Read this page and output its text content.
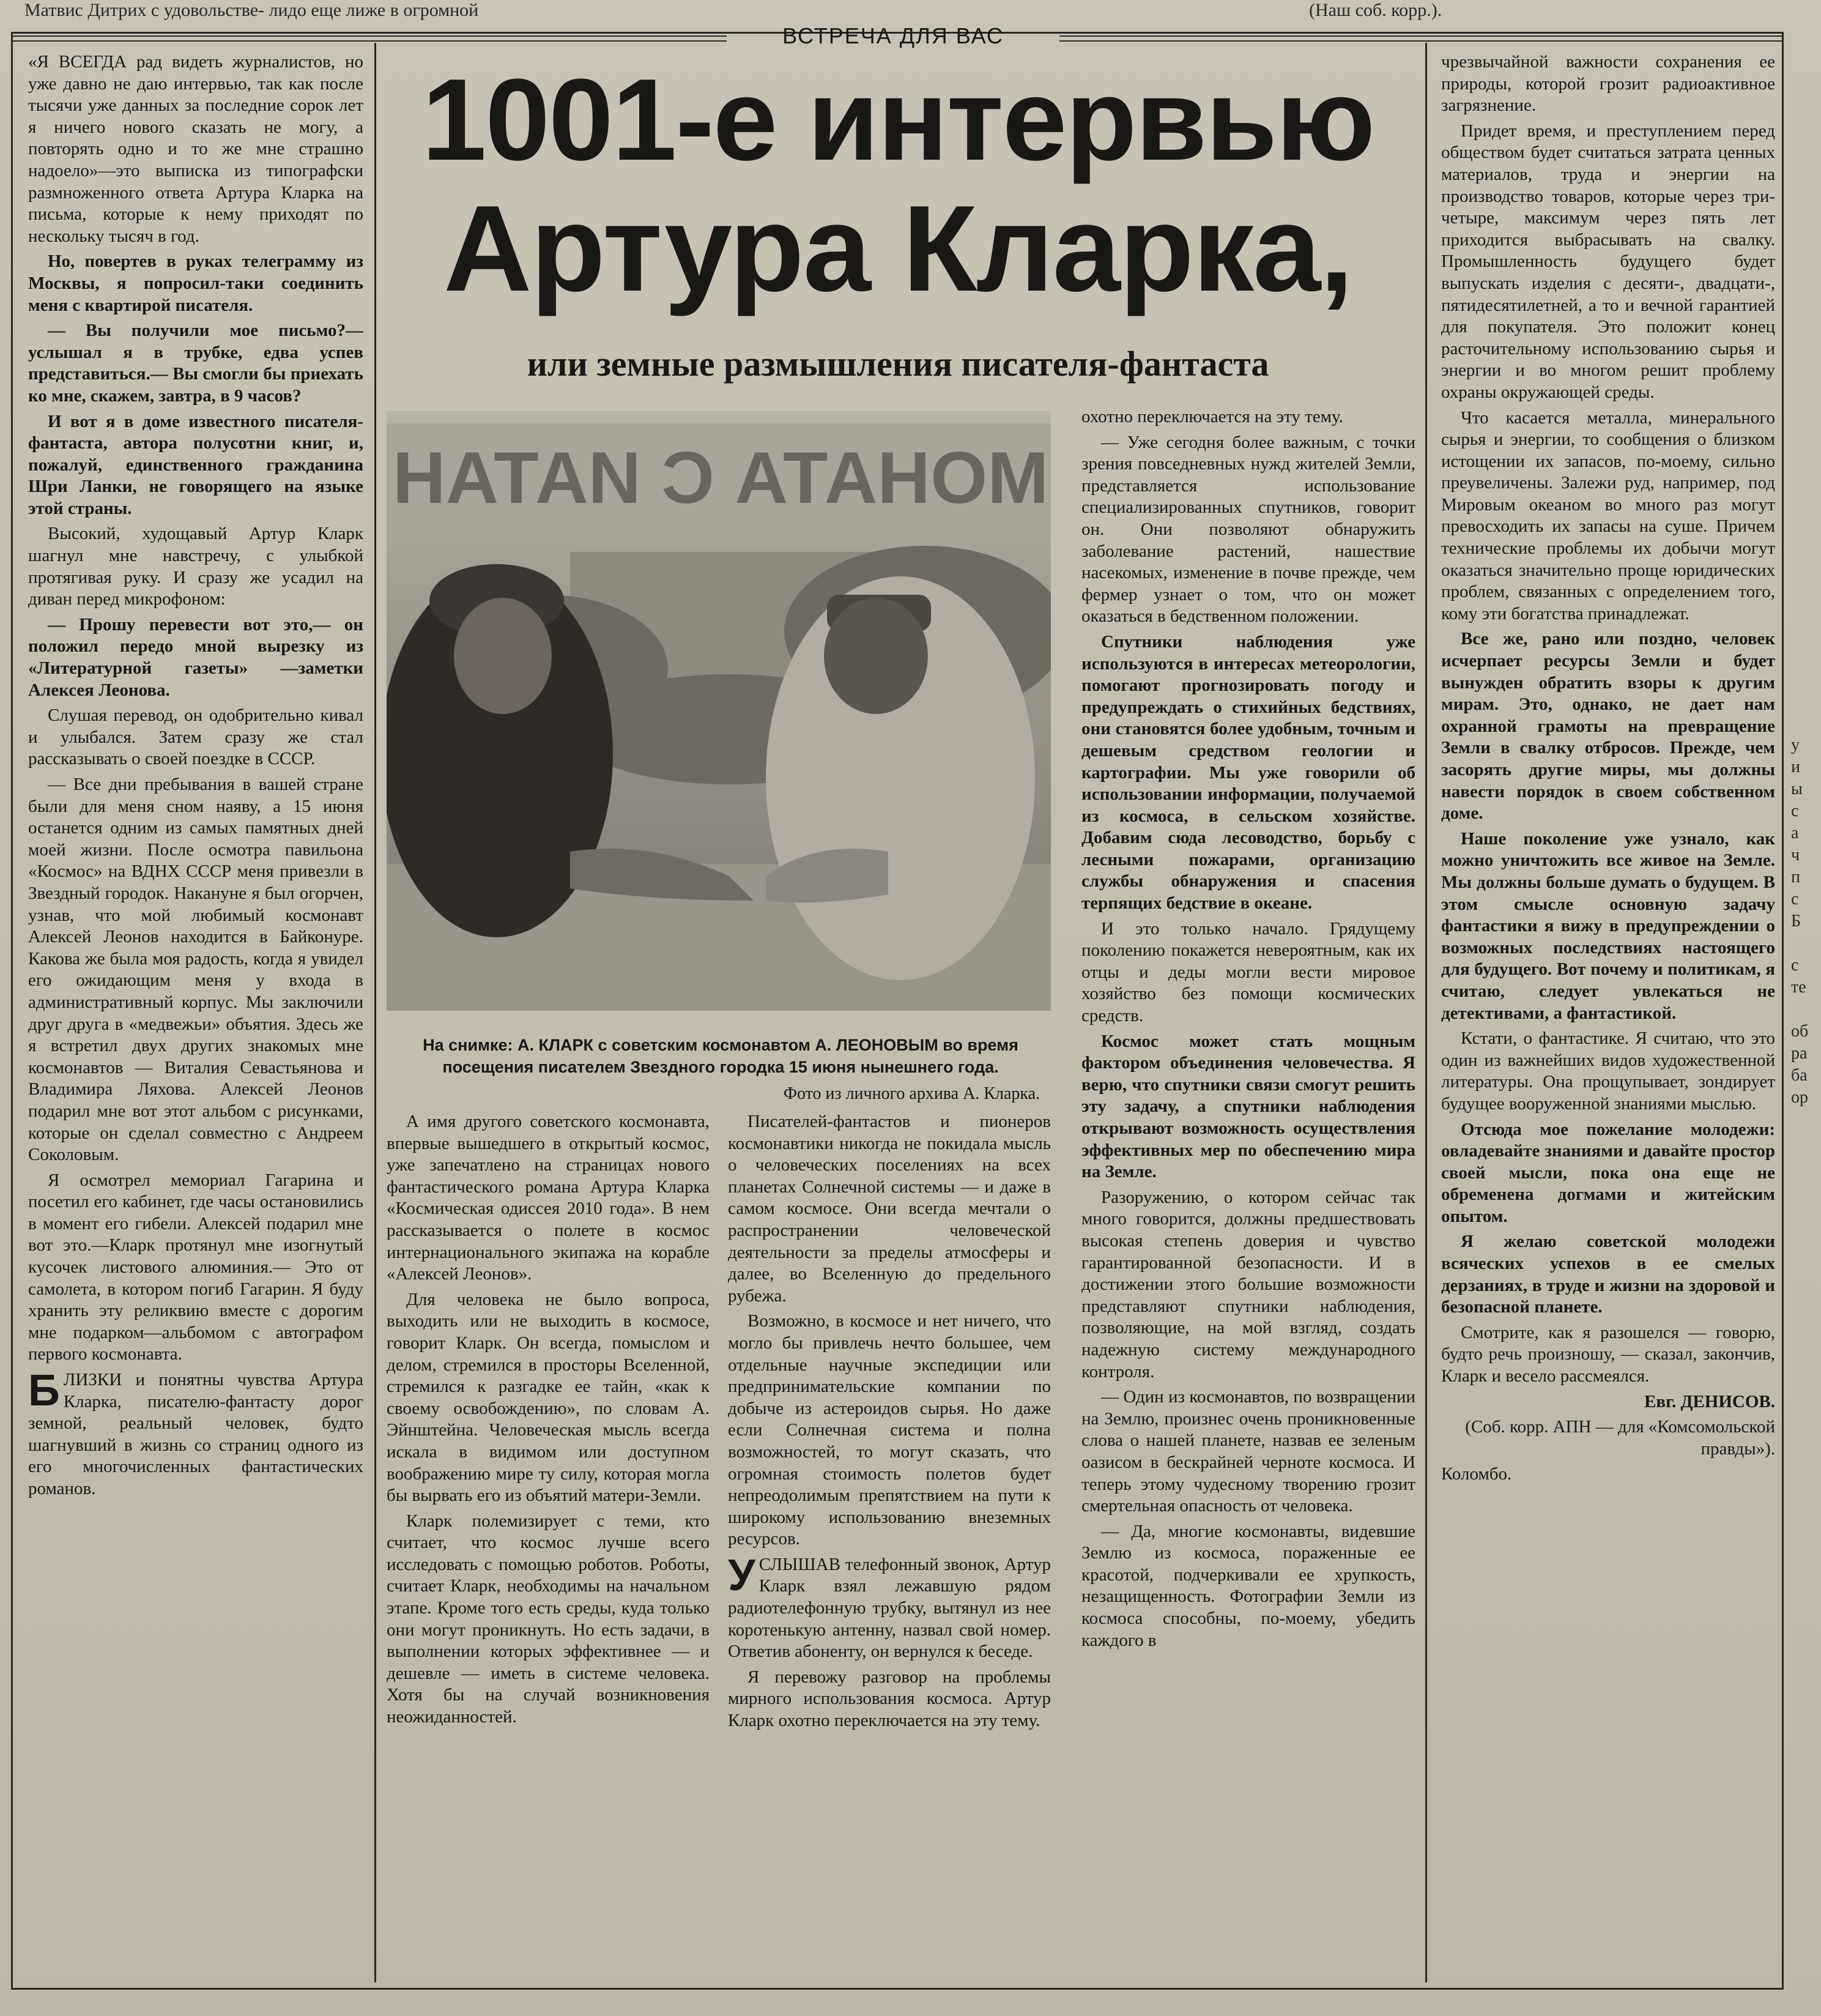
Матвис Дитрих с удовольстве- лидо еще лиже в огромной	(Наш соб. корр.).
ВСТРЕЧА ДЛЯ ВАС

«Я ВСЕГДА рад видеть журналистов, но уже давно не даю интервью, так как после тысячи уже данных за последние сорок лет я ничего нового сказать не могу, а повторять одно и то же мне страшно надоело»—это выписка из типографски размноженного ответа Артура Кларка на письма, которые к нему приходят по нескольку тысяч в год.

Но, повертев в руках телеграмму из Москвы, я попросил-таки соединить меня с квартирой писателя.

— Вы получили мое письмо?—услышал я в трубке, едва успев представиться.— Вы смогли бы приехать ко мне, скажем, завтра, в 9 часов?

И вот я в доме известного писателя-фантаста, автора полусотни книг, и, пожалуй, единственного гражданина Шри Ланки, не говорящего на языке этой страны.

Высокий, худощавый Артур Кларк шагнул мне навстречу, с улыбкой протягивая руку. И сразу же усадил на диван перед микрофоном:

— Прошу перевести вот это,— он положил передо мной вырезку из «Литературной газеты» —заметки Алексея Леонова.

Слушая перевод, он одобрительно кивал и улыбался. Затем сразу же стал рассказывать о своей поездке в СССР.

— Все дни пребывания в вашей стране были для меня сном наяву, а 15 июня останется одним из самых памятных дней моей жизни. После осмотра павильона «Космос» на ВДНХ СССР меня привезли в Звездный городок. Накануне я был огорчен, узнав, что мой любимый космонавт Алексей Леонов находится в Байконуре. Какова же была моя радость, когда я увидел его ожидающим меня у входа в административный корпус. Мы заключили друг друга в «медвежьи» объятия. Здесь же я встретил двух других знакомых мне космонавтов — Виталия Севастьянова и Владимира Ляхова. Алексей Леонов подарил мне вот этот альбом с рисунками, которые он сделал совместно с Андреем Соколовым.

Я осмотрел мемориал Гагарина и посетил его кабинет, где часы остановились в момент его гибели. Алексей подарил мне вот это.—Кларк протянул мне изогнутый кусочек листового алюминия.— Это от самолета, в котором погиб Гагарин. Я буду хранить эту реликвию вместе с дорогим мне подарком—альбомом с автографом первого космонавта.

БЛИЗКИ и понятны чувства Артура Кларка, писателю-фантасту дорог земной, реальный человек, будто шагнувший в жизнь со страниц одного из его многочисленных фантастических романов.

1001-е интервью
Артура Кларка,
или земные размышления писателя-фантаста
МОНАТА С ИАТАН
На снимке: А. КЛАРК с советским космонавтом А. ЛЕОНОВЫМ во время посещения писателем Звездного городка 15 июня нынешнего года.
Фото из личного архива А. Кларка.

А имя другого советского космонавта, впервые вышедшего в открытый космос, уже запечатлено на страницах нового фантастического романа Артура Кларка «Космическая одиссея 2010 года». В нем рассказывается о полете в космос интернационального экипажа на корабле «Алексей Леонов».

Для человека не было вопроса, выходить или не выходить в космосе, говорит Кларк. Он всегда, помыслом и делом, стремился в просторы Вселенной, стремился к разгадке ее тайн, «как к своему освобождению», по словам А. Эйнштейна. Человеческая мысль всегда искала в видимом или доступном воображению мире ту силу, которая могла бы вырвать его из объятий матери-Земли.

Кларк полемизирует с теми, кто считает, что космос лучше всего исследовать с помощью роботов. Роботы, считает Кларк, необходимы на начальном этапе. Кроме того есть среды, куда только они могут проникнуть. Но есть задачи, в выполнении которых эффективнее — и дешевле — иметь в системе человека. Хотя бы на случай возникновения неожиданностей.

Писателей-фантастов и пионеров космонавтики никогда не покидала мысль о человеческих поселениях на всех планетах Солнечной системы — и даже в самом космосе. Они всегда мечтали о распространении человеческой деятельности за пределы атмосферы и далее, во Вселенную до предельного рубежа.

Возможно, в космосе и нет ничего, что могло бы привлечь нечто большее, чем отдельные научные экспедиции или предпринимательские компании по добыче из астероидов сырья. Но даже если Солнечная система и полна возможностей, то могут сказать, что огромная стоимость полетов будет непреодолимым препятствием на пути к широкому использованию внеземных ресурсов.

УСЛЫШАВ телефонный звонок, Артур Кларк взял лежавшую рядом радиотелефонную трубку, вытянул из нее коротенькую антенну, назвал свой номер. Ответив абоненту, он вернулся к беседе.

Я перевожу разговор на проблемы мирного использования космоса. Артур Кларк охотно переключается на эту тему.

охотно переключается на эту тему.

— Уже сегодня более важным, с точки зрения повседневных нужд жителей Земли, представляется использование специализированных спутников, говорит он. Они позволяют обнаружить заболевание растений, нашествие насекомых, изменение в почве прежде, чем фермер узнает о том, что он может оказаться в бедственном положении.

Спутники наблюдения уже используются в интересах метеорологии, помогают прогнозировать погоду и предупреждать о стихийных бедствиях, они становятся более удобным, точным и дешевым средством геологии и картографии. Мы уже говорили об использовании информации, получаемой из космоса, в сельском хозяйстве. Добавим сюда лесоводство, борьбу с лесными пожарами, организацию службы обнаружения и спасения терпящих бедствие в океане.

И это только начало. Грядущему поколению покажется невероятным, как их отцы и деды могли вести мировое хозяйство без помощи космических средств.

Космос может стать мощным фактором объединения человечества. Я верю, что спутники связи смогут решить эту задачу, а спутники наблюдения открывают возможность осуществления эффективных мер по обеспечению мира на Земле.

Разоружению, о котором сейчас так много говорится, должны предшествовать высокая степень доверия и чувство гарантированной безопасности. И в достижении этого большие возможности представляют спутники наблюдения, позволяющие, на мой взгляд, создать надежную систему международного контроля.

— Один из космонавтов, по возвращении на Землю, произнес очень проникновенные слова о нашей планете, назвав ее зеленым оазисом в бескрайней черноте космоса. И теперь этому чудесному творению грозит смертельная опасность от человека.

— Да, многие космонавты, видевшие Землю из космоса, пораженные ее красотой, подчеркивали ее хрупкость, незащищенность. Фотографии Земли из космоса способны, по-моему, убедить каждого в

чрезвычайной важности сохранения ее природы, которой грозит радиоактивное загрязнение.

Придет время, и преступлением перед обществом будет считаться затрата ценных материалов, труда и энергии на производство товаров, которые через три-четыре, максимум через пять лет приходится выбрасывать на свалку. Промышленность будущего будет выпускать изделия с десяти-, двадцати-, пятидесятилетней, а то и вечной гарантией для покупателя. Это положит конец расточительному использованию сырья и энергии и во многом решит проблему охраны окружающей среды.

Что касается металла, минерального сырья и энергии, то сообщения о близком истощении их запасов, по-моему, сильно преувеличены. Залежи руд, например, под Мировым океаном во много раз могут превосходить их запасы на суше. Причем технические проблемы их добычи могут оказаться значительно проще юридических проблем, связанных с определением того, кому эти богатства принадлежат.

Все же, рано или поздно, человек исчерпает ресурсы Земли и будет вынужден обратить взоры к другим мирам. Это, однако, не дает нам охранной грамоты на превращение Земли в свалку отбросов. Прежде, чем засорять другие миры, мы должны навести порядок в своем собственном доме.

Наше поколение уже узнало, как можно уничтожить все живое на Земле. Мы должны больше думать о будущем. В этом смысле основную задачу фантастики я вижу в предупреждении о возможных последствиях настоящего для будущего. Вот почему и политикам, я считаю, следует увлекаться не детективами, а фантастикой.

Кстати, о фантастике. Я считаю, что это один из важнейших видов художественной литературы. Она прощупывает, зондирует будущее вооруженной знаниями мыслью.

Отсюда мое пожелание молодежи: овладевайте знаниями и давайте простор своей мысли, пока она еще не обременена догмами и житейским опытом.

Я желаю советской молодежи всяческих успехов в ее смелых дерзаниях, в труде и жизни на здоровой и безопасной планете.

Смотрите, как я разошелся — говорю, будто речь произношу, — сказал, закончив, Кларк и весело рассмеялся.

Евг. ДЕНИСОВ.

(Соб. корр. АПН — для «Комсомольской правды»).

Коломбо.

у
и
ы
с
а
ч
п
с
Б

с
те

об
ра
ба
ор
